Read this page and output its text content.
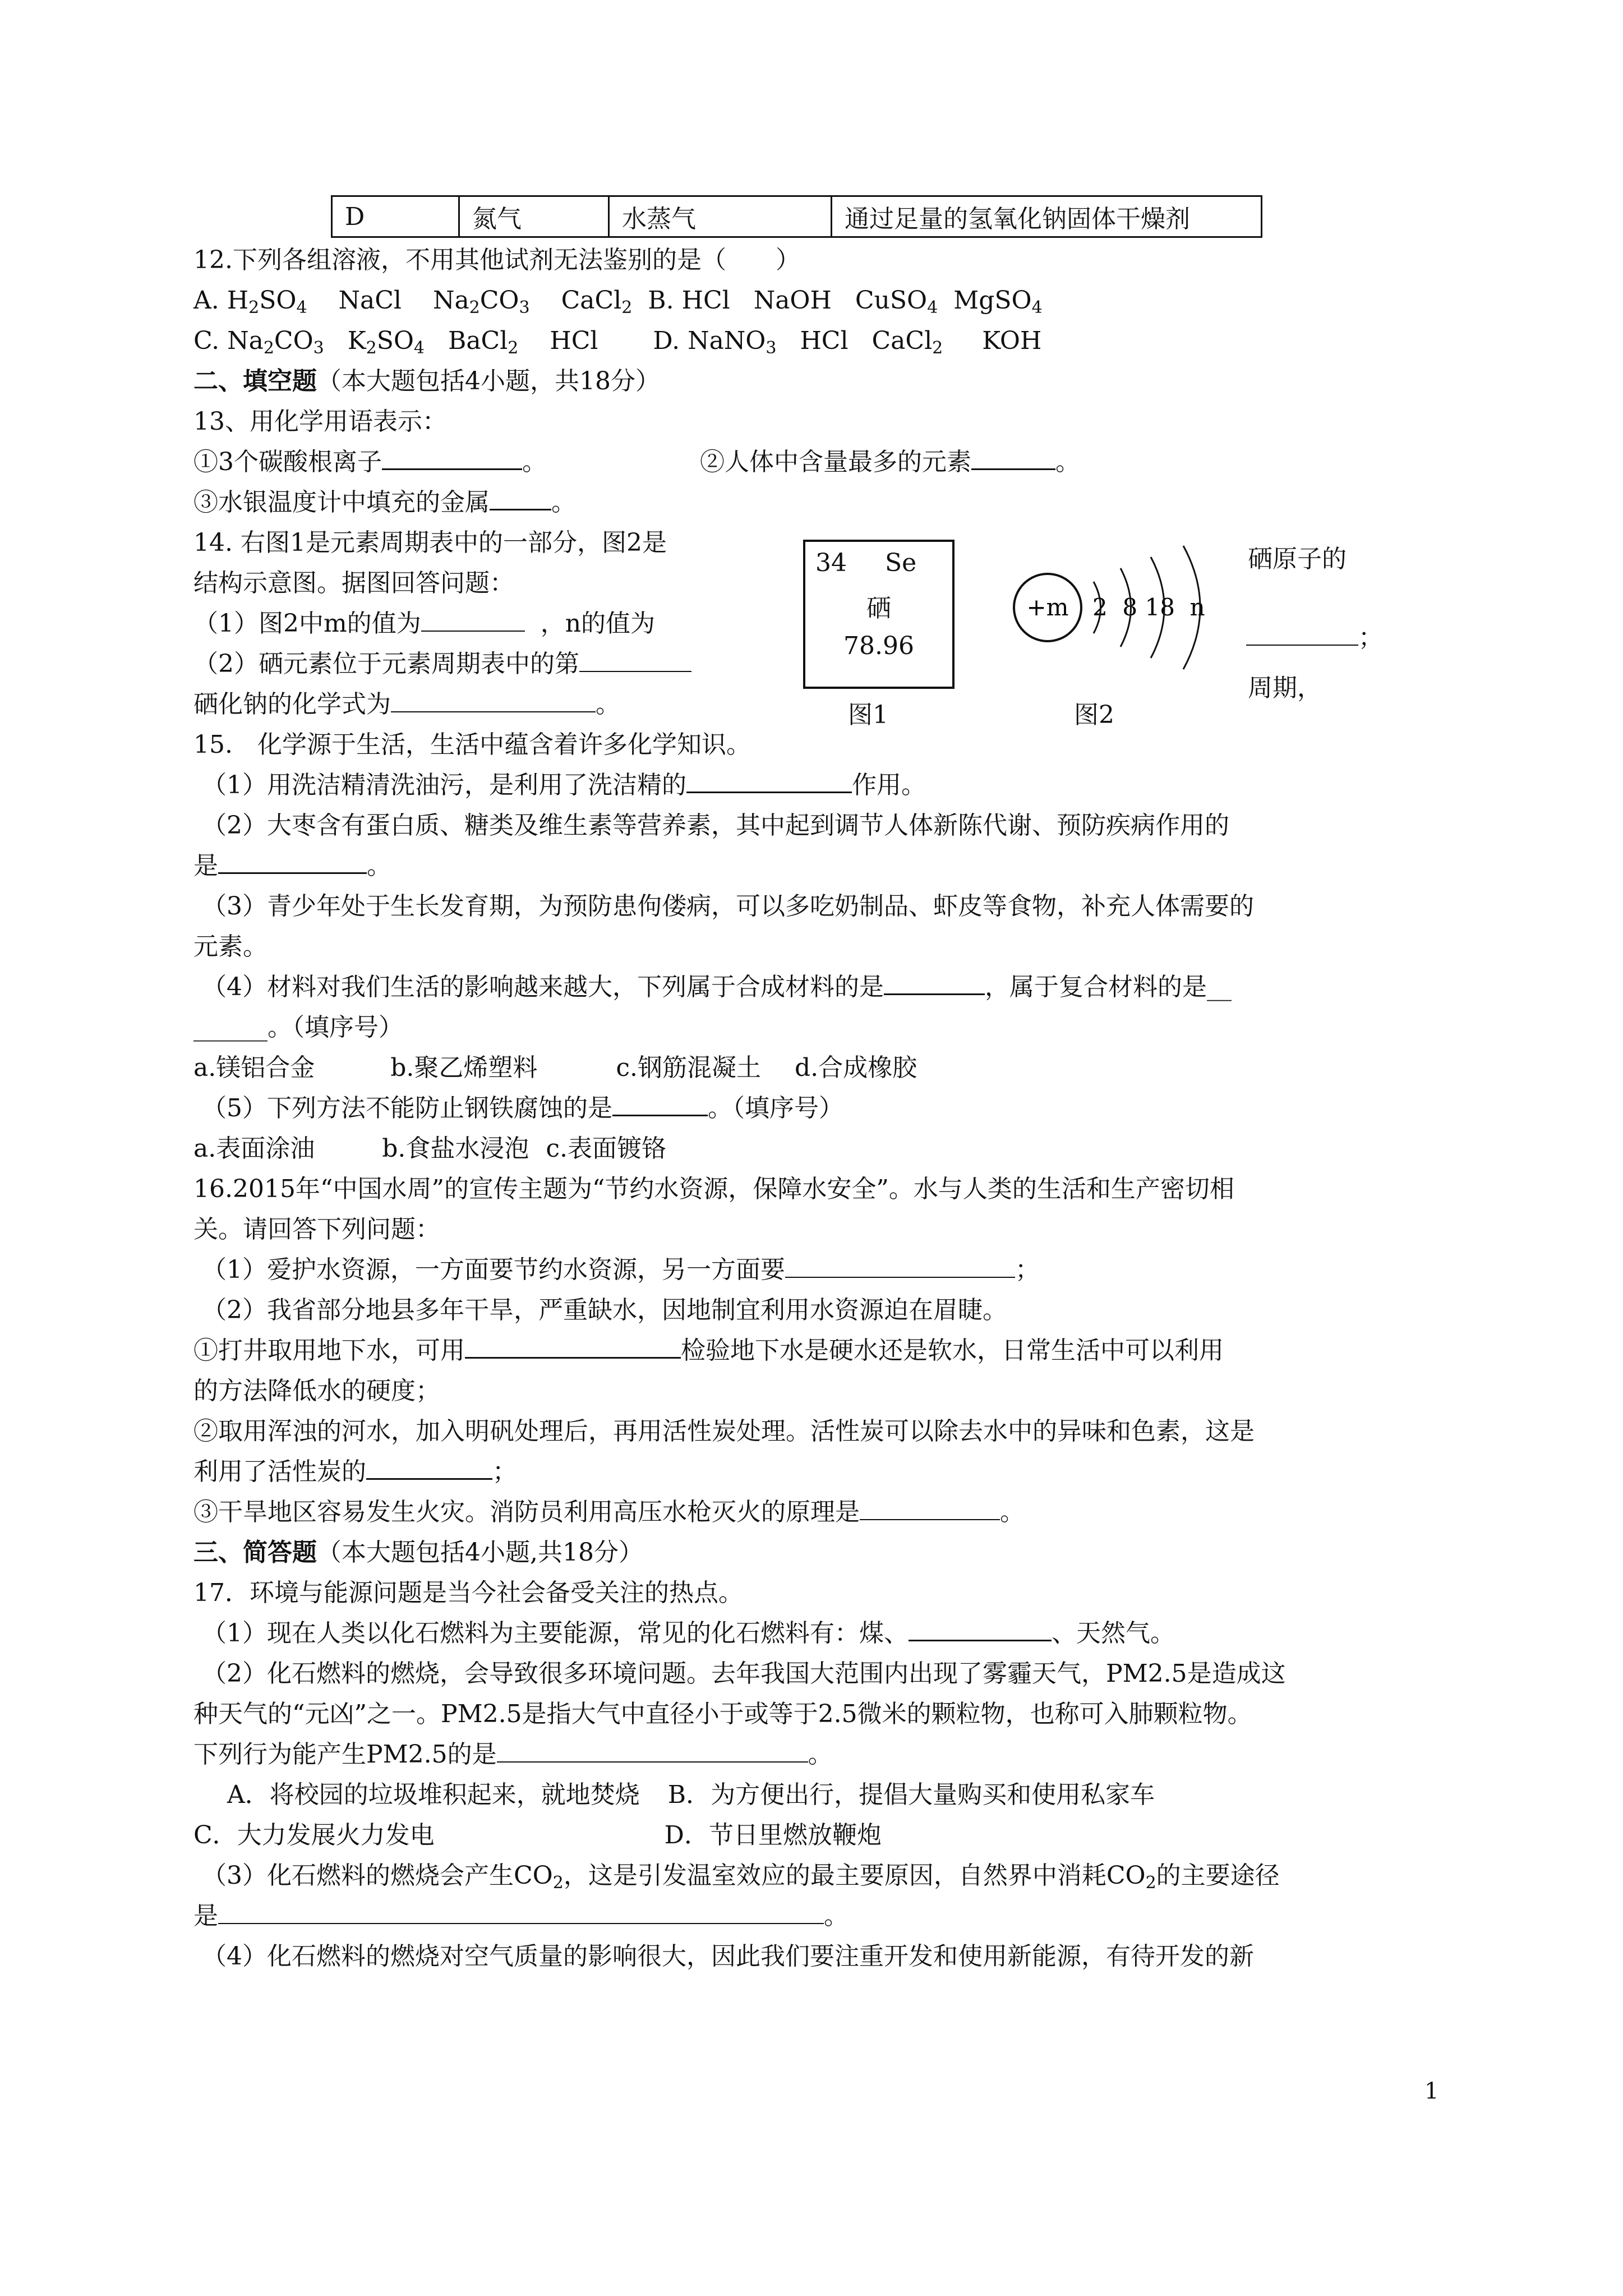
D	氮气	水蒸气	通过足量的氢氧化钠固体干燥剂
12.下列各组溶液，不用其他试剂无法鉴别的是（　　）
A. $H_2SO_4$ NaCl $Na_2CO_3$ CaCl$_2$ B. HCl NaOH CuSO$_4$ MgSO$_4$
C. $Na_2CO_3$ $K_2SO_4$ BaCl$_2$ HCl D. NaNO$_3$ HCl CaCl$_2$ KOH
二、填空题（本大题包括4小题，共18分）
13、用化学用语表示：
①3个碳酸根离子	。	②人体中含量最多的元素	。
③水银温度计中填充的金属	。
14. 右图1是元素周期表中的一部分，图2是
结构示意图。据图回答问题：
（1）图2中m的值为	，n的值为
（2）硒元素位于元素周期表中的第
硒化钠的化学式为	。
34 Se
硒
78.96
图1
+m 2  8 18  n
图2
硒原子的
；
周期，
15.　化学源于生活，生活中蕴含着许多化学知识。
（1）用洗洁精清洗油污，是利用了洗洁精的	作用。
（2）大枣含有蛋白质、糖类及维生素等营养素，其中起到调节人体新陈代谢、预防疾病作用的
是	。
（3）青少年处于生长发育期，为预防患佝偻病，可以多吃奶制品、虾皮等食物，补充人体需要的
元素。
（4）材料对我们生活的影响越来越大，下列属于合成材料的是	，属于复合材料的是__
______。（填序号）
a.镁铝合金	b.聚乙烯塑料	c.钢筋混凝土 d.合成橡胶
（5）下列方法不能防止钢铁腐蚀的是	。（填序号）
a.表面涂油	b.食盐水浸泡 c.表面镀铬
16.2015年“中国水周”的宣传主题为“节约水资源，保障水安全”。水与人类的生活和生产密切相
关。请回答下列问题：
（1）爱护水资源，一方面要节约水资源，另一方面要	；
（2）我省部分地县多年干旱，严重缺水，因地制宜利用水资源迫在眉睫。
①打井取用地下水，可用	检验地下水是硬水还是软水，日常生活中可以利用
的方法降低水的硬度；
②取用浑浊的河水，加入明矾处理后，再用活性炭处理。活性炭可以除去水中的异味和色素，这是
利用了活性炭的	；
③干旱地区容易发生火灾。消防员利用高压水枪灭火的原理是	。
三、简答题（本大题包括4小题,共18分）
17．环境与能源问题是当今社会备受关注的热点。
（1）现在人类以化石燃料为主要能源，常见的化石燃料有：煤、	、天然气。
（2）化石燃料的燃烧，会导致很多环境问题。去年我国大范围内出现了雾霾天气，PM2.5是造成这
种天气的“元凶”之一。PM2.5是指大气中直径小于或等于2.5微米的颗粒物，也称可入肺颗粒物。
下列行为能产生PM2.5的是	。
A．将校园的垃圾堆积起来，就地焚烧 B．为方便出行，提倡大量购买和使用私家车
C．大力发展火力发电	D．节日里燃放鞭炮
（3）化石燃料的燃烧会产生$CO_2$，这是引发温室效应的最主要原因，自然界中消耗$CO_2$的主要途径
是	。
（4）化石燃料的燃烧对空气质量的影响很大，因此我们要注重开发和使用新能源，有待开发的新
1
